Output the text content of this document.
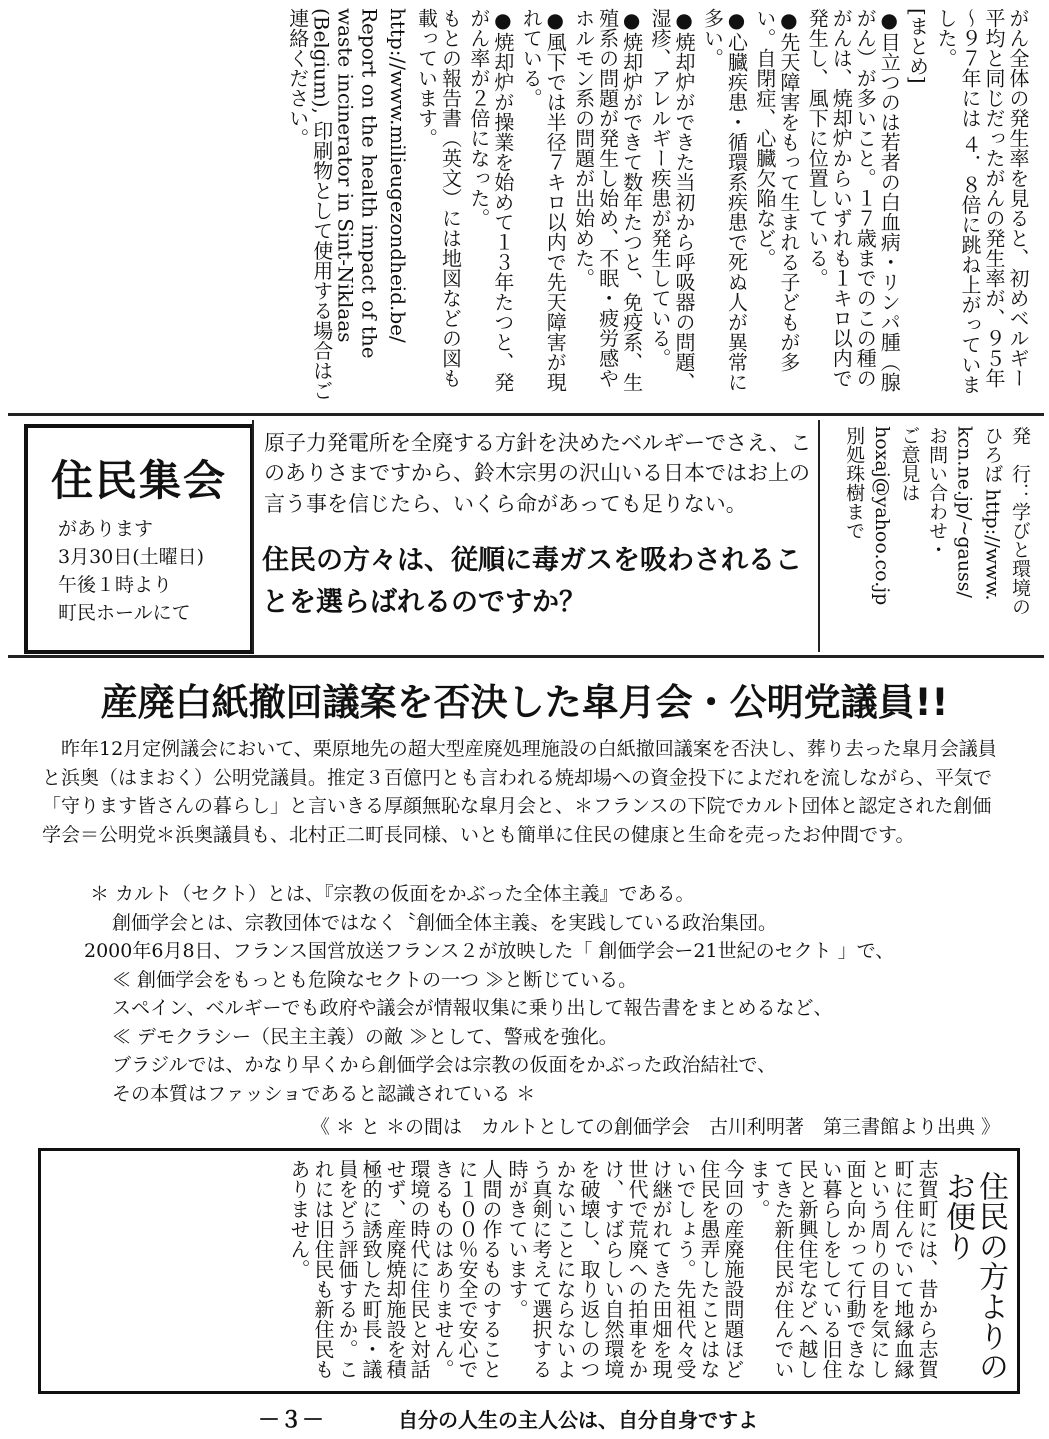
がん全体の発生率を見ると、初めベルギー平均と同じだったがんの発生率が、９５年～９７年には ４．８倍に跳ね上がっていました。

[まとめ]

●目立つのは若者の白血病・リンパ腫（腺がん）が多いこと。１７歳までのこの種のがんは、焼却炉からいずれも１キロ以内で発生し、風下に位置している。

●先天障害をもって生まれる子どもが多い。自閉症、心臓欠陥など。

●心臓疾患・循環系疾患で死ぬ人が異常に多い。

●焼却炉ができた当初から呼吸器の問題、湿疹、アレルギー疾患が発生している。

●焼却炉ができて数年たつと、免疫系、生殖系の問題が発生し始め、不眠・疲労感やホルモン系の問題が出始めた。

●風下では半径７キロ以内で先天障害が現れている。

●焼却炉が操業を始めて１３年たつと、発がん率が２倍になった。

もとの報告書（英文）には地図などの図も載っています。

http://www.milieugezondheid.be/

Report on the health impact of the waste incinerator in Sint-Niklaas (Belgium), 印刷物として使用する場合はご連絡ください。

住民集会
があります
3月30日(土曜日)
午後１時より
町民ホールにて
原子力発電所を全廃する方針を決めたベルギーでさえ、このありさまですから、鈴木宗男の沢山いる日本ではお上の言う事を信じたら、いくら命があっても足りない。
住民の方々は、従順に毒ガスを吸わされることを選らばれるのですか？	発　行：学びと環境の

ひろば http://www.

kcn.ne.jp/~gauss/

お問い合わせ・

ご意見は

hoxaj@yahoo.co.jp

別処珠樹まで

産廃白紙撤回議案を否決した皐月会・公明党議員!!
昨年12月定例議会において、栗原地先の超大型産廃処理施設の白紙撤回議案を否決し、葬り去った皐月会議員と浜奥（はまおく）公明党議員。推定３百億円とも言われる焼却場への資金投下によだれを流しながら、平気で「守ります皆さんの暮らし」と言いきる厚顔無恥な皐月会と、＊フランスの下院でカルト団体と認定された創価学会＝公明党＊浜奥議員も、北村正二町長同様、いとも簡単に住民の健康と生命を売ったお仲間です。
＊ カルト（セクト）とは、『宗教の仮面をかぶった全体主義』である。
創価学会とは、宗教団体ではなく〝創価全体主義〟を実践している政治集団。
2000年6月8日、フランス国営放送フランス２が放映した「 創価学会ー21世紀のセクト 」で、
≪ 創価学会をもっとも危険なセクトの一つ ≫と断じている。
スペイン、ベルギーでも政府や議会が情報収集に乗り出して報告書をまとめるなど、
≪ デモクラシー（民主主義）の敵 ≫として、警戒を強化。
ブラジルでは、かなり早くから創価学会は宗教の仮面をかぶった政治結社で、
その本質はファッショであると認識されている ＊
《 ＊ と ＊の間は　カルトとしての創価学会　古川利明著　第三書館より出典 》
住民の方よりのお便り

志賀町には、昔から志賀町に住んでいて地縁血縁という周りの目を気にし面と向かって行動できない暮らしをしている旧住民と新興住宅などへ越してきた新住民が住んでいます。

今回の産廃施設問題ほど住民を愚弄したことはないでしょう。先祖代々受け継がれてきた田畑を現世代で荒廃への拍車をかけ、すばらしい自然環境を破壊し、取り返しのつかないことにならないよう真剣に考えて選択する時がきています。

人間の作るものすることに１００％安全で安心できるものはありません。環境の時代に住民と対話せず、産廃焼却施設を積極的に誘致した町長・議員をどう評価するか。これには旧住民も新住民もありません。

－３－	自分の人生の主人公は、自分自身ですよ
